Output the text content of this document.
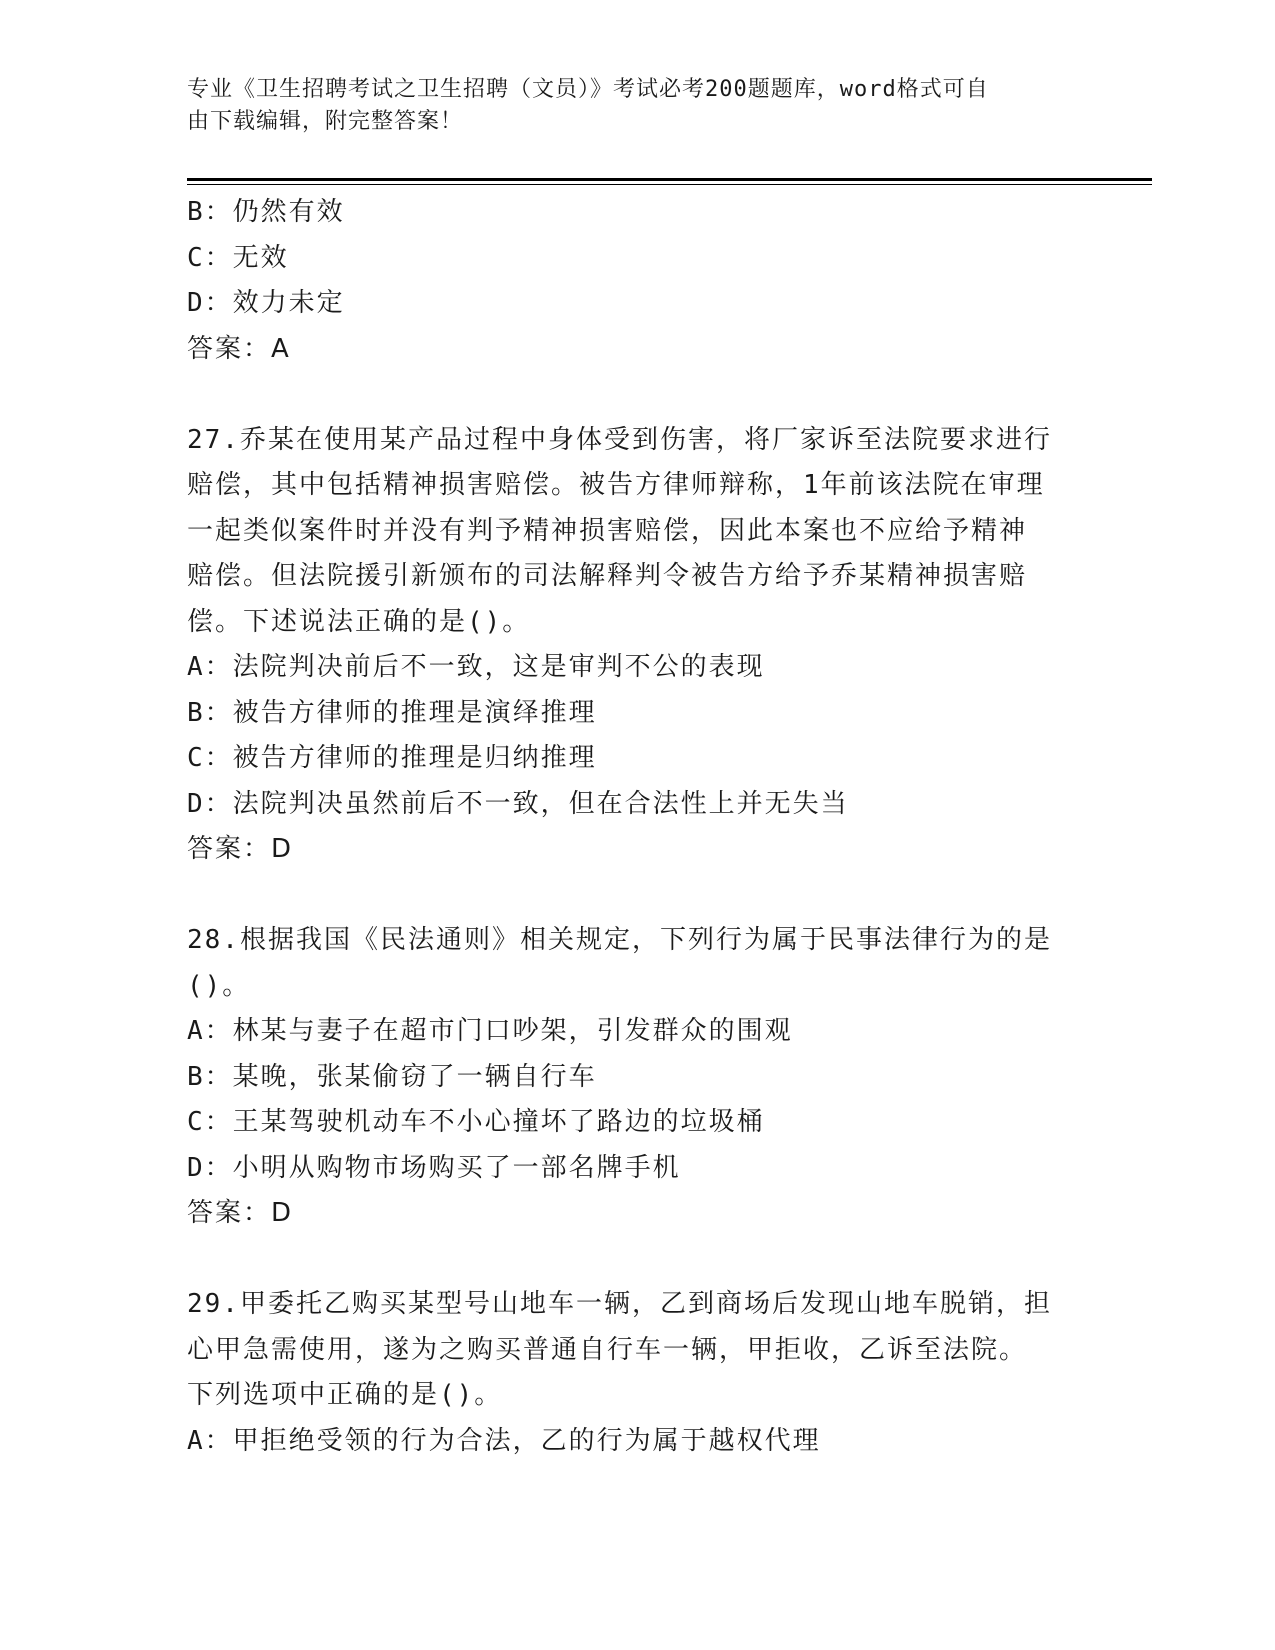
专业《卫生招聘考试之卫生招聘（文员）》考试必考200题题库，word格式可自
由下载编辑，附完整答案！
B：仍然有效
C：无效
D：效力未定
答案：A
27.乔某在使用某产品过程中身体受到伤害，将厂家诉至法院要求进行
赔偿，其中包括精神损害赔偿。被告方律师辩称，1年前该法院在审理
一起类似案件时并没有判予精神损害赔偿，因此本案也不应给予精神
赔偿。但法院援引新颁布的司法解释判令被告方给予乔某精神损害赔
偿。下述说法正确的是()。
A：法院判决前后不一致，这是审判不公的表现
B：被告方律师的推理是演绎推理
C：被告方律师的推理是归纳推理
D：法院判决虽然前后不一致，但在合法性上并无失当
答案：D
28.根据我国《民法通则》相关规定，下列行为属于民事法律行为的是
()。
A：林某与妻子在超市门口吵架，引发群众的围观
B：某晚，张某偷窃了一辆自行车
C：王某驾驶机动车不小心撞坏了路边的垃圾桶
D：小明从购物市场购买了一部名牌手机
答案：D
29.甲委托乙购买某型号山地车一辆，乙到商场后发现山地车脱销，担
心甲急需使用，遂为之购买普通自行车一辆，甲拒收，乙诉至法院。
下列选项中正确的是()。
A：甲拒绝受领的行为合法，乙的行为属于越权代理
